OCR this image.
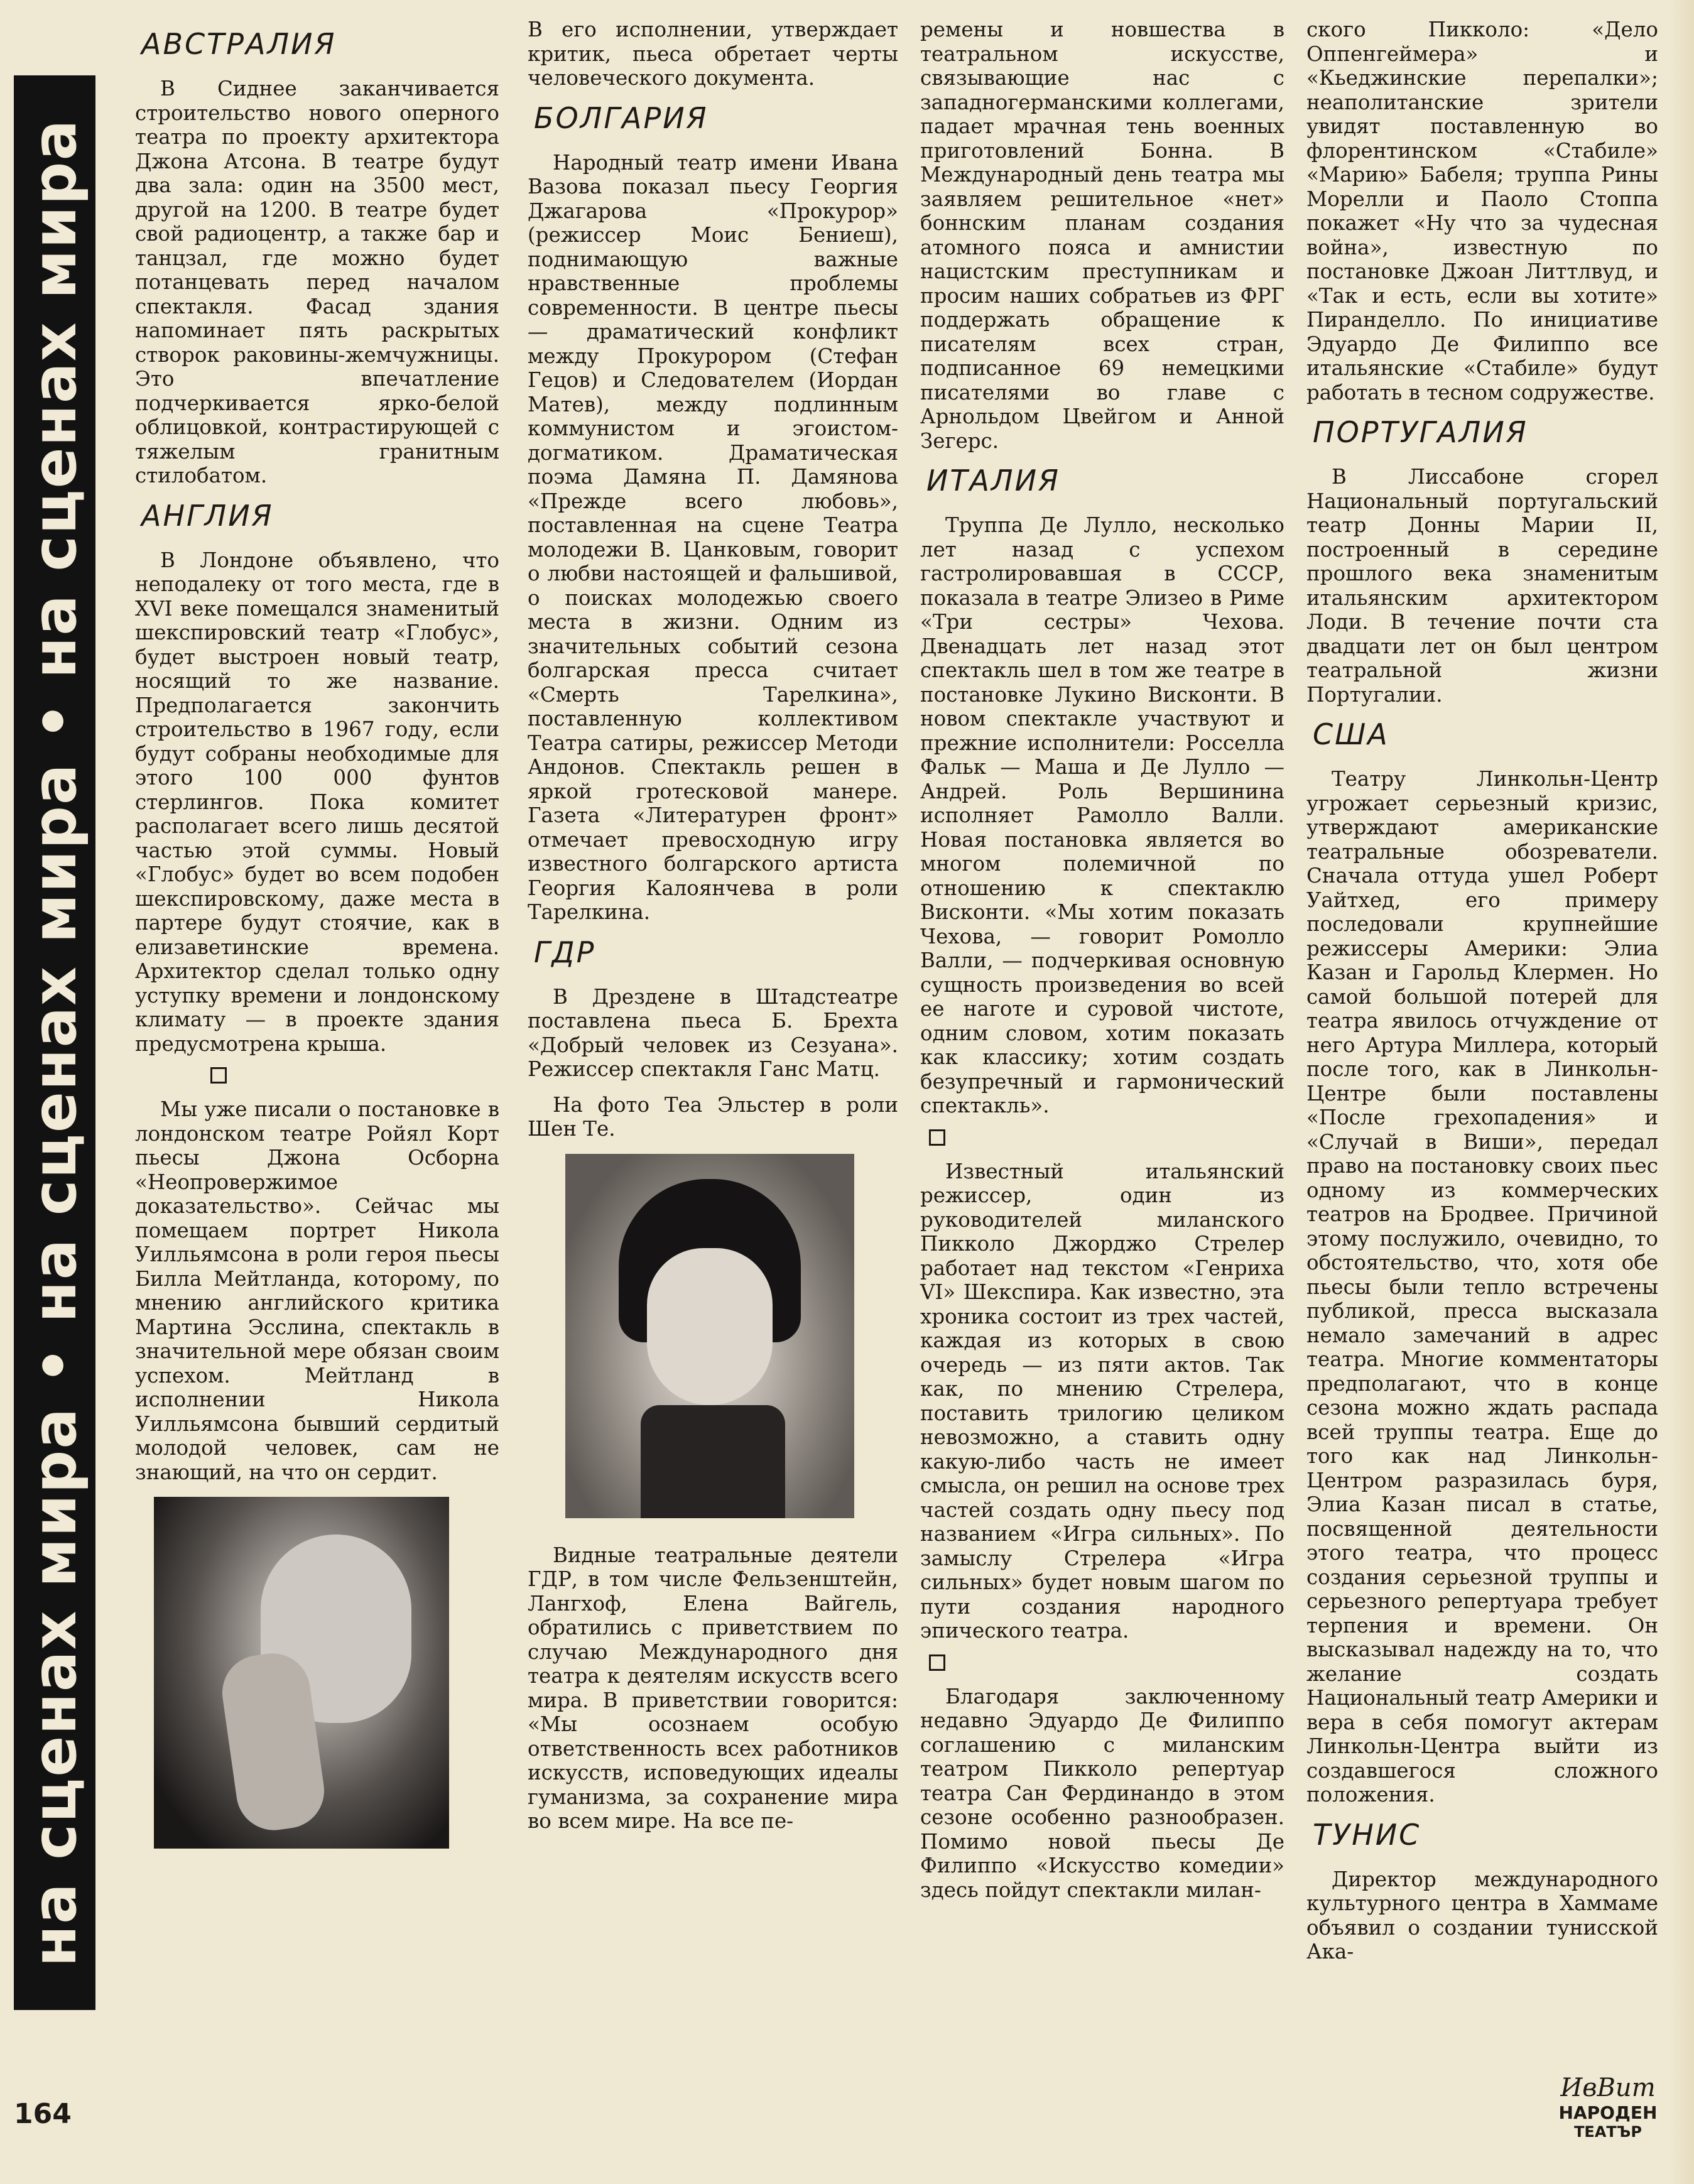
на сценах мира • на сценах мира • на сценах мира
АВСТРАЛИЯ

В Сиднее заканчивается строительство нового оперного театра по проекту архитектора Джона Атсона. В театре будут два зала: один на 3500 мест, другой на 1200. В театре будет свой радиоцентр, а также бар и танцзал, где можно будет потанцевать перед началом спектакля. Фасад здания напоминает пять раскрытых створок раковины-жемчужницы. Это впечатление подчеркивается ярко-белой облицовкой, контрастирующей с тяжелым гранитным стилобатом.

АНГЛИЯ

В Лондоне объявлено, что неподалеку от того места, где в XVI веке помещался знаменитый шекспировский театр «Глобус», будет выстроен новый театр, носящий то же название. Предполагается закончить строительство в 1967 году, если будут собраны необходимые для этого 100 000 фунтов стерлингов. Пока комитет располагает всего лишь десятой частью этой суммы. Новый «Глобус» будет во всем подобен шекспировскому, даже места в партере будут стоячие, как в елизаветинские времена. Архитектор сделал только одну уступку времени и лондонскому климату — в проекте здания предусмотрена крыша.

Мы уже писали о постановке в лондонском театре Ройял Корт пьесы Джона Осборна «Неопровержимое доказательство». Сейчас мы помещаем портрет Никола Уилльямсона в роли героя пьесы Билла Мейтланда, которому, по мнению английского критика Мартина Эсслина, спектакль в значительной мере обязан своим успехом. Мейтланд в исполнении Никола Уилльямсона бывший сердитый молодой человек, сам не знающий, на что он сердит.

В его исполнении, утверждает критик, пьеса обретает черты человеческого документа.

БОЛГАРИЯ

Народный театр имени Ивана Вазова показал пьесу Георгия Джагарова «Прокурор» (режиссер Моис Бениеш), поднимающую важные нравственные проблемы современности. В центре пьесы — драматический конфликт между Прокурором (Стефан Гецов) и Следователем (Иордан Матев), между подлинным коммунистом и эгоистом-догматиком. Драматическая поэма Дамяна П. Дамянова «Прежде всего любовь», поставленная на сцене Театра молодежи В. Цанковым, говорит о любви настоящей и фальшивой, о поисках молодежью своего места в жизни. Одним из значительных событий сезона болгарская пресса считает «Смерть Тарелкина», поставленную коллективом Театра сатиры, режиссер Методи Андонов. Спектакль решен в яркой гротесковой манере. Газета «Литературен фронт» отмечает превосходную игру известного болгарского артиста Георгия Калоянчева в роли Тарелкина.

ГДР

В Дрездене в Штадстеатре поставлена пьеса Б. Брехта «Добрый человек из Сезуана». Режиссер спектакля Ганс Матц.

На фото Теа Эльстер в роли Шен Те.

Видные театральные деятели ГДР, в том числе Фельзенштейн, Лангхоф, Елена Вайгель, обратились с приветствием по случаю Международного дня театра к деятелям искусств всего мира. В приветствии говорится: «Мы осознаем особую ответственность всех работников искусств, исповедующих идеалы гуманизма, за сохранение мира во всем мире. На все пе-

ремены и новшества в театральном искусстве, связывающие нас с западногерманскими коллегами, падает мрачная тень военных приготовлений Бонна. В Международный день театра мы заявляем решительное «нет» боннским планам создания атомного пояса и амнистии нацистским преступникам и просим наших собратьев из ФРГ поддержать обращение к писателям всех стран, подписанное 69 немецкими писателями во главе с Арнольдом Цвейгом и Анной Зегерс.

ИТАЛИЯ

Труппа Де Лулло, несколько лет назад с успехом гастролировавшая в СССР, показала в театре Элизео в Риме «Три сестры» Чехова. Двенадцать лет назад этот спектакль шел в том же театре в постановке Лукино Висконти. В новом спектакле участвуют и прежние исполнители: Росселла Фальк — Маша и Де Лулло — Андрей. Роль Вершинина исполняет Рамолло Валли. Новая постановка является во многом полемичной по отношению к спектаклю Висконти. «Мы хотим показать Чехова, — говорит Ромолло Валли, — подчеркивая основную сущность произведения во всей ее наготе и суровой чистоте, одним словом, хотим показать как классику; хотим создать безупречный и гармонический спектакль».

Известный итальянский режиссер, один из руководителей миланского Пикколо Джорджо Стрелер работает над текстом «Генриха VI» Шекспира. Как известно, эта хроника состоит из трех частей, каждая из которых в свою очередь — из пяти актов. Так как, по мнению Стрелера, поставить трилогию целиком невозможно, а ставить одну какую-либо часть не имеет смысла, он решил на основе трех частей создать одну пьесу под названием «Игра сильных». По замыслу Стрелера «Игра сильных» будет новым шагом по пути создания народного эпического театра.

Благодаря заключенному недавно Эдуардо Де Филиппо соглашению с миланским театром Пикколо репертуар театра Сан Фердинандо в этом сезоне особенно разнообразен. Помимо новой пьесы Де Филиппо «Искусство комедии» здесь пойдут спектакли милан-

ского Пикколо: «Дело Оппенгеймера» и «Кьеджинские перепалки»; неаполитанские зрители увидят поставленную во флорентинском «Стабиле» «Марию» Бабеля; труппа Рины Морелли и Паоло Стоппа покажет «Ну что за чудесная война», известную по постановке Джоан Литтлвуд, и «Так и есть, если вы хотите» Пиранделло. По инициативе Эдуардо Де Филиппо все итальянские «Стабиле» будут работать в тесном содружестве.

ПОРТУГАЛИЯ

В Лиссабоне сгорел Национальный португальский театр Донны Марии II, построенный в середине прошлого века знаменитым итальянским архитектором Лоди. В течение почти ста двадцати лет он был центром театральной жизни Португалии.

США

Театру Линкольн-Центр угрожает серьезный кризис, утверждают американские театральные обозреватели. Сначала оттуда ушел Роберт Уайтхед, его примеру последовали крупнейшие режиссеры Америки: Элиа Казан и Гарольд Клермен. Но самой большой потерей для театра явилось отчуждение от него Артура Миллера, который после того, как в Линкольн-Центре были поставлены «После грехопадения» и «Случай в Виши», передал право на постановку своих пьес одному из коммерческих театров на Бродвее. Причиной этому послужило, очевидно, то обстоятельство, что, хотя обе пьесы были тепло встречены публикой, пресса высказала немало замечаний в адрес театра. Многие комментаторы предполагают, что в конце сезона можно ждать распада всей труппы театра. Еще до того как над Линкольн-Центром разразилась буря, Элиа Казан писал в статье, посвященной деятельности этого театра, что процесс создания серьезной труппы и серьезного репертуара требует терпения и времени. Он высказывал надежду на то, что желание создать Национальный театр Америки и вера в себя помогут актерам Линкольн-Центра выйти из создавшегося сложного положения.

ТУНИС

Директор международного культурного центра в Хаммаме объявил о создании тунисской Ака-

164
ИвВит
НАРОДЕН
ТЕАТЪР
